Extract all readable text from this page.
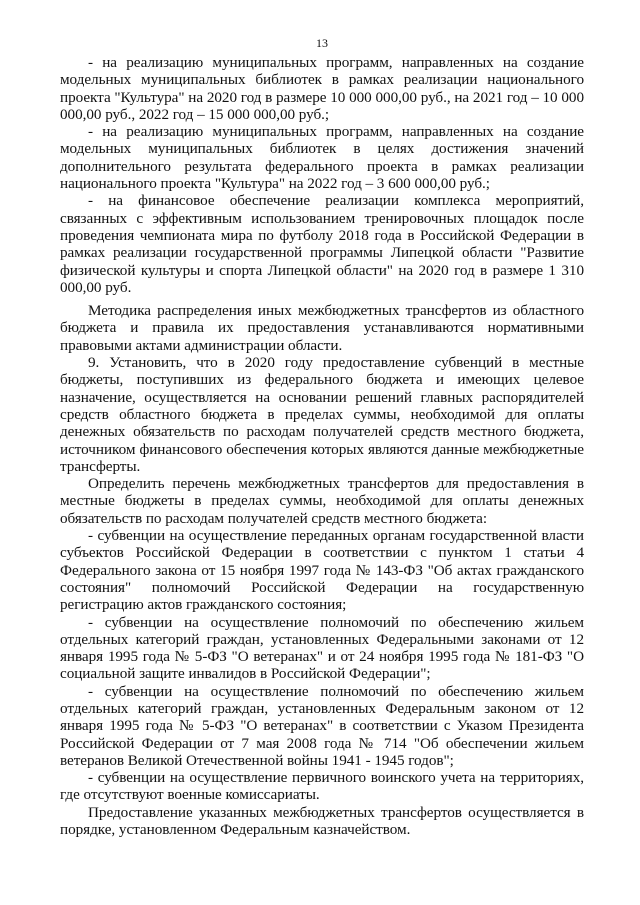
13

- на реализацию муниципальных программ, направленных на создание модельных муниципальных библиотек в рамках реализации национального проекта "Культура" на 2020 год в размере 10 000 000,00 руб., на 2021 год – 10 000 000,00 руб., 2022 год – 15 000 000,00 руб.;

- на реализацию муниципальных программ, направленных на создание модельных муниципальных библиотек в целях достижения значений дополнительного результата федерального проекта в рамках реализации национального проекта "Культура" на 2022 год – 3 600 000,00 руб.;

- на финансовое обеспечение реализации комплекса мероприятий, связанных с эффективным использованием тренировочных площадок после проведения чемпионата мира по футболу 2018 года в Российской Федерации в рамках реализации государственной программы Липецкой области "Развитие физической культуры и спорта Липецкой области" на 2020 год в размере 1 310 000,00 руб.

Методика распределения иных межбюджетных трансфертов из областного бюджета и правила их предоставления устанавливаются нормативными правовыми актами администрации области.

9. Установить, что в 2020 году предоставление субвенций в местные бюджеты, поступивших из федерального бюджета и имеющих целевое назначение, осуществляется на основании решений главных распорядителей средств областного бюджета в пределах суммы, необходимой для оплаты денежных обязательств по расходам получателей средств местного бюджета, источником финансового обеспечения которых являются данные межбюджетные трансферты.

Определить перечень межбюджетных трансфертов для предоставления в местные бюджеты в пределах суммы, необходимой для оплаты денежных обязательств по расходам получателей средств местного бюджета:

- субвенции на осуществление переданных органам государственной власти субъектов Российской Федерации в соответствии с пунктом 1 статьи 4 Федерального закона от 15 ноября 1997 года № 143-ФЗ "Об актах гражданского состояния" полномочий Российской Федерации на государственную регистрацию актов гражданского состояния;

- субвенции на осуществление полномочий по обеспечению жильем отдельных категорий граждан, установленных Федеральными законами от 12 января 1995 года № 5-ФЗ "О ветеранах" и от 24 ноября 1995 года № 181-ФЗ "О социальной защите инвалидов в Российской Федерации";

- субвенции на осуществление полномочий по обеспечению жильем отдельных категорий граждан, установленных Федеральным законом от 12 января 1995 года № 5-ФЗ "О ветеранах" в соответствии с Указом Президента Российской Федерации от 7 мая 2008 года № 714 "Об обеспечении жильем ветеранов Великой Отечественной войны 1941 - 1945 годов";

- субвенции на осуществление первичного воинского учета на территориях, где отсутствуют военные комиссариаты.

Предоставление указанных межбюджетных трансфертов осуществляется в порядке, установленном Федеральным казначейством.
